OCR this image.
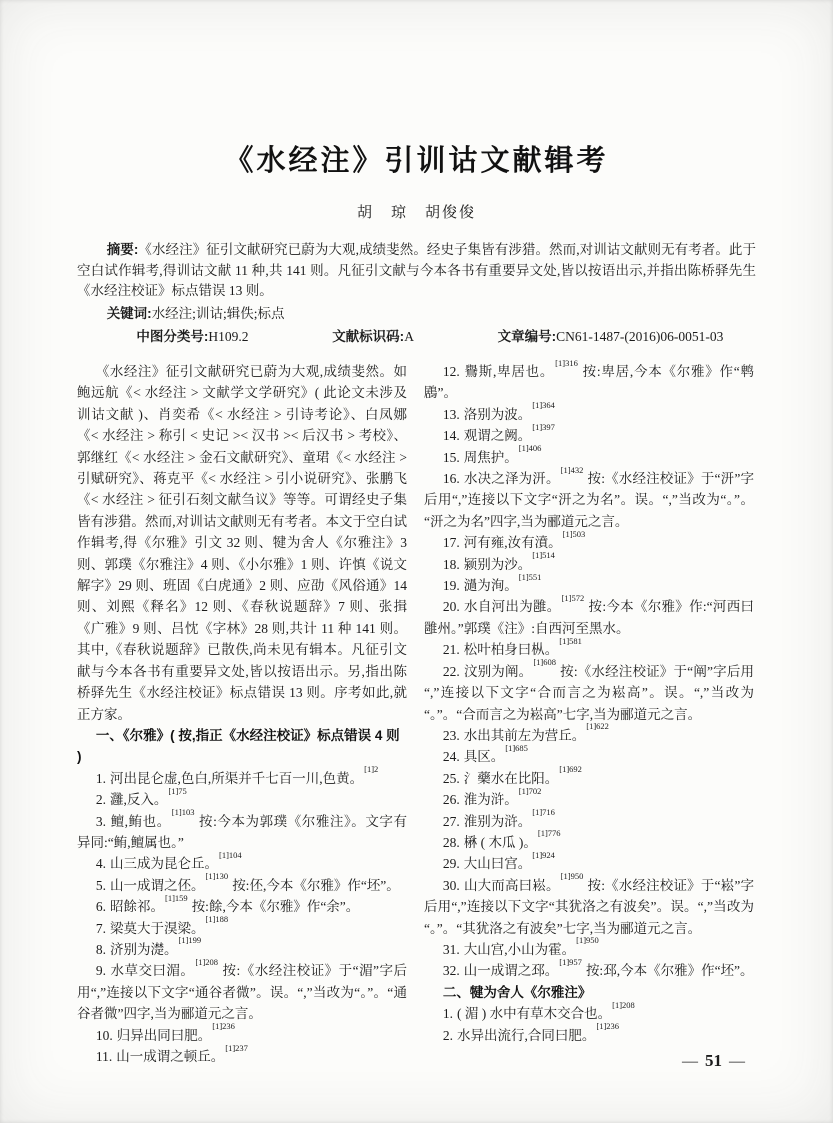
《水经注》引训诂文献辑考
胡　琼　胡俊俊

摘要:《水经注》征引文献研究已蔚为大观,成绩斐然。经史子集皆有涉猎。然而,对训诂文献则无有考者。此于空白试作辑考,得训诂文献 11 种,共 141 则。凡征引文献与今本各书有重要异文处,皆以按语出示,并指出陈桥驿先生《水经注校证》标点错误 13 则。

关键词:水经注;训诂;辑佚;标点

中图分类号:H109.2	文献标识码:A	文章编号:CN61-1487-(2016)06-0051-03

《水经注》征引文献研究已蔚为大观,成绩斐然。如鲍远航《< 水经注 > 文献学文学研究》( 此论文未涉及训诂文献 )、肖奕希《< 水经注 > 引诗考论》、白凤娜《< 水经注 > 称引 < 史记 >< 汉书 >< 后汉书 > 考校》、郭继红《< 水经注 > 金石文献研究》、童珺《< 水经注 > 引赋研究》、蒋克平《< 水经注 > 引小说研究》、张鹏飞《< 水经注 > 征引石刻文献刍议》等等。可谓经史子集皆有涉猎。然而,对训诂文献则无有考者。本文于空白试作辑考,得《尔雅》引文 32 则、犍为舍人《尔雅注》3 则、郭璞《尔雅注》4 则、《小尔雅》1 则、许慎《说文解字》29 则、班固《白虎通》2 则、应劭《风俗通》14 则、刘熙《释名》12 则、《春秋说题辞》7 则、张揖《广雅》9 则、吕忱《字林》28 则,共计 11 种 141 则。其中,《春秋说题辞》已散佚,尚未见有辑本。凡征引文献与今本各书有重要异文处,皆以按语出示。另,指出陈桥驿先生《水经注校证》标点错误 13 则。序考如此,就正方家。

一、《尔雅》( 按,指正《水经注校证》标点错误 4 则 )

1. 河出昆仑虚,色白,所渠并千七百一川,色黄。$^{[1]2}$

2. 灉,反入。$^{[1]75}$

3. 鳣,鲔也。$^{[1]103}$按:今本为郭璞《尔雅注》。文字有异同:“鲔,鳣属也。”

4. 山三成为昆仑丘。$^{[1]104}$

5. 山一成谓之伾。$^{[1]130}$按:伾,今本《尔雅》作“坯”。

6. 昭餘祁。$^{[1]159}$按:餘,今本《尔雅》作“余”。

7. 梁莫大于湨梁。$^{[1]188}$

8. 济别为濋。$^{[1]199}$

9. 水草交曰湄。$^{[1]208}$按:《水经注校证》于“湄”字后用“,”连接以下文字“通谷者微”。误。“,”当改为“。”。“通谷者微”四字,当为郦道元之言。

10. 归异出同曰肥。$^{[1]236}$

11. 山一成谓之顿丘。$^{[1]237}$

12. 鸒斯,卑居也。$^{[1]316}$按:卑居,今本《尔雅》作“鹎鶋”。

13. 洛别为波。$^{[1]364}$

14. 观谓之阙。$^{[1]397}$

15. 周焦护。$^{[1]406}$

16. 水决之泽为汧。$^{[1]432}$按:《水经注校证》于“汧”字后用“,”连接以下文字“汧之为名”。误。“,”当改为“。”。“汧之为名”四字,当为郦道元之言。

17. 河有雍,汝有濆。$^{[1]503}$

18. 颍别为沙。$^{[1]514}$

19. 濄为洵。$^{[1]551}$

20. 水自河出为雝。$^{[1]572}$按:今本《尔雅》作:“河西曰雝州。”郭璞《注》:自西河至黑水。

21. 松叶柏身曰枞。$^{[1]581}$

22. 汶别为阐。$^{[1]608}$按:《水经注校证》于“阐”字后用“,”连接以下文字“合而言之为崧高”。误。“,”当改为“。”。“合而言之为崧高”七字,当为郦道元之言。

23. 水出其前左为营丘。$^{[1]622}$

24. 具区。$^{[1]685}$

25. 氵藥水在比阳。$^{[1]692}$

26. 淮为浒。$^{[1]702}$

27. 淮别为浒。$^{[1]716}$

28. 楙 ( 木瓜 )。$^{[1]776}$

29. 大山曰宫。$^{[1]924}$

30. 山大而高曰崧。$^{[1]950}$按:《水经注校证》于“崧”字后用“,”连接以下文字“其犹洛之有波矣”。误。“,”当改为“。”。“其犹洛之有波矣”七字,当为郦道元之言。

31. 大山宫,小山为霍。$^{[1]950}$

32. 山一成谓之邳。$^{[1]957}$按:邳,今本《尔雅》作“坯”。

二、犍为舍人《尔雅注》

1. ( 湄 ) 水中有草木交合也。$^{[1]208}$

2. 水异出流行,合同曰肥。$^{[1]236}$

— 51 —
